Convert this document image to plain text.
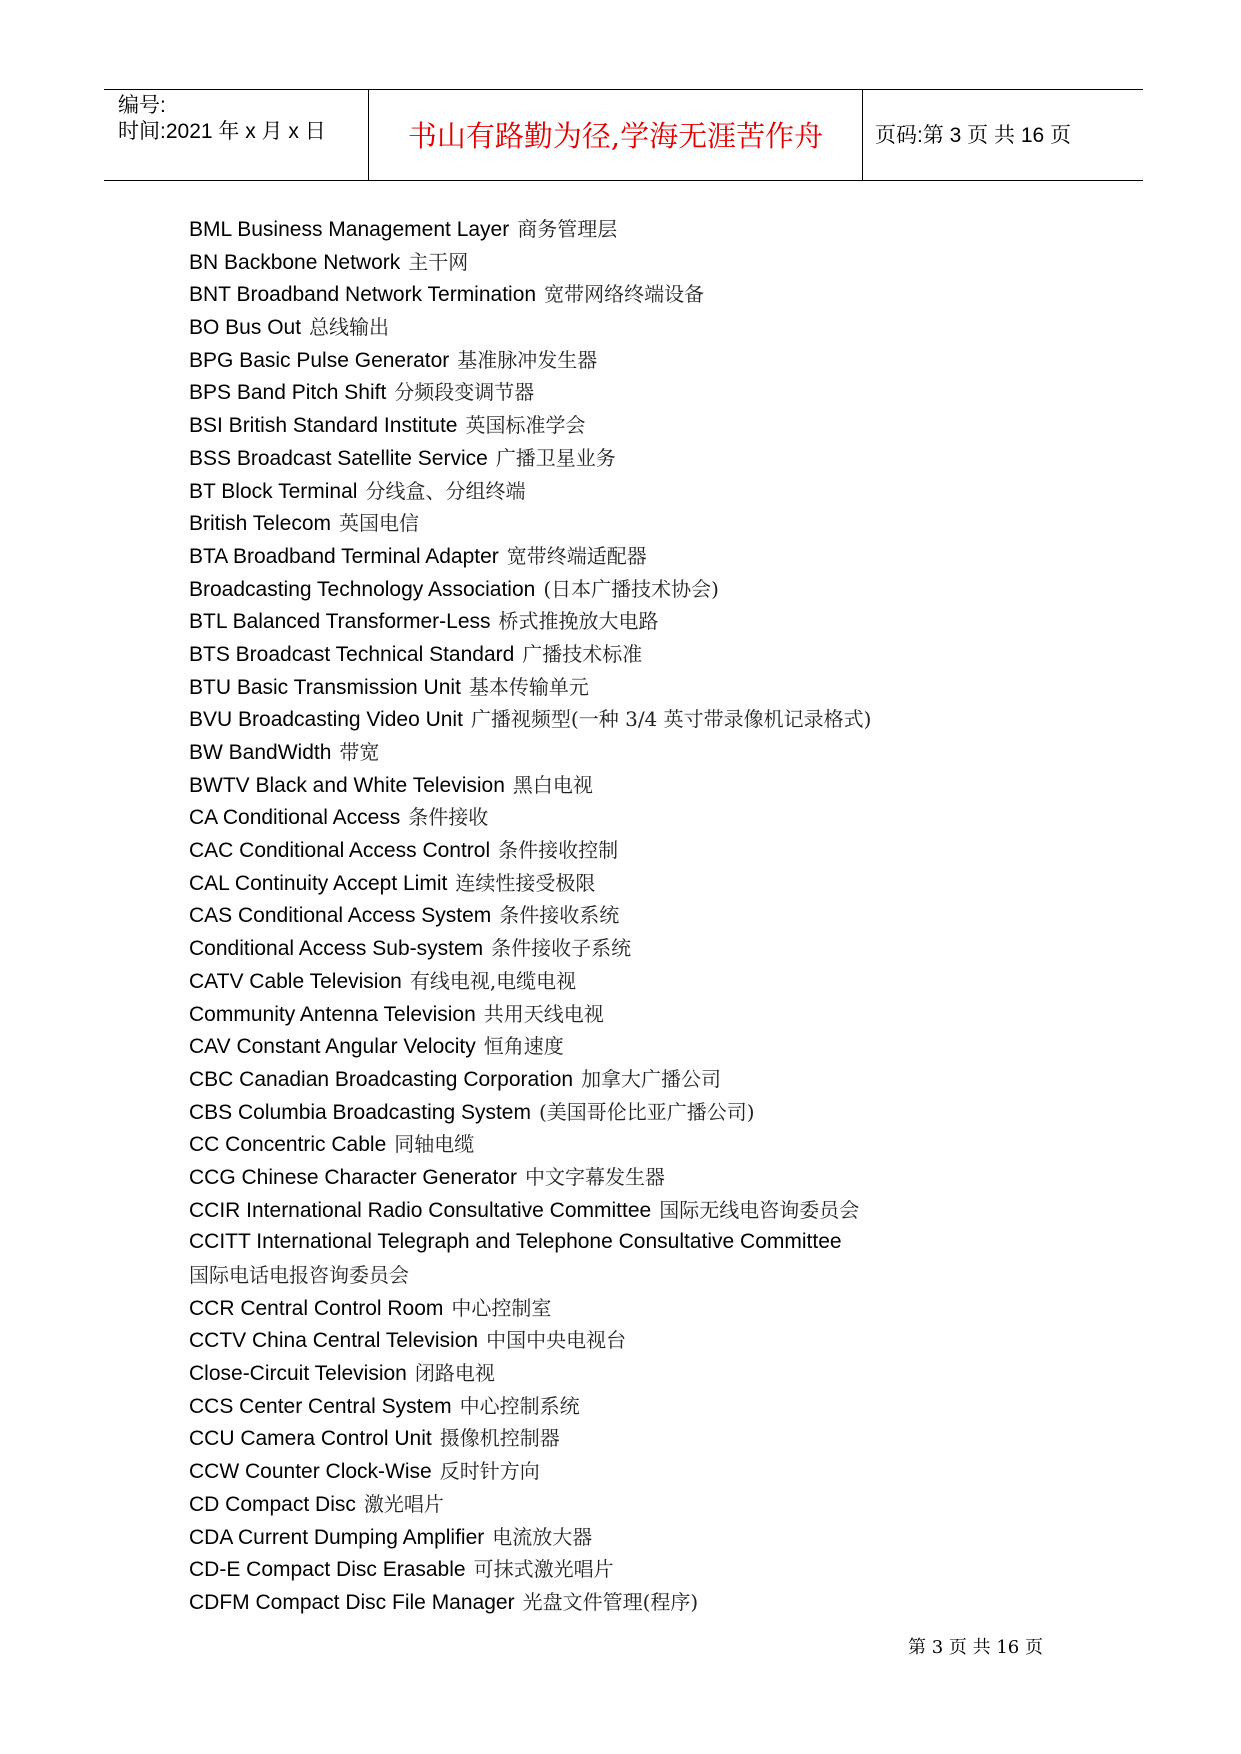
编号:
时间:2021 年 x 月 x 日	书山有路勤为径,学海无涯苦作舟	页码:第 3 页 共 16 页
BML Business Management Layer 商务管理层
BN Backbone Network 主干网
BNT Broadband Network Termination 宽带网络终端设备
BO Bus Out 总线输出
BPG Basic Pulse Generator 基准脉冲发生器
BPS Band Pitch Shift 分频段变调节器
BSI British Standard Institute 英国标准学会
BSS Broadcast Satellite Service 广播卫星业务
BT Block Terminal 分线盒、分组终端
British Telecom 英国电信
BTA Broadband Terminal Adapter 宽带终端适配器
Broadcasting Technology Association (日本广播技术协会)
BTL Balanced Transformer-Less 桥式推挽放大电路
BTS Broadcast Technical Standard 广播技术标准
BTU Basic Transmission Unit 基本传输单元
BVU Broadcasting Video Unit 广播视频型(一种 3/4 英寸带录像机记录格式)
BW BandWidth 带宽
BWTV Black and White Television 黑白电视
CA Conditional Access 条件接收
CAC Conditional Access Control 条件接收控制
CAL Continuity Accept Limit 连续性接受极限
CAS Conditional Access System 条件接收系统
Conditional Access Sub-system 条件接收子系统
CATV Cable Television 有线电视,电缆电视
Community Antenna Television 共用天线电视
CAV Constant Angular Velocity 恒角速度
CBC Canadian Broadcasting Corporation 加拿大广播公司
CBS Columbia Broadcasting System (美国哥伦比亚广播公司)
CC Concentric Cable 同轴电缆
CCG Chinese Character Generator 中文字幕发生器
CCIR International Radio Consultative Committee 国际无线电咨询委员会
CCITT International Telegraph and Telephone Consultative Committee
国际电话电报咨询委员会
CCR Central Control Room 中心控制室
CCTV China Central Television 中国中央电视台
Close-Circuit Television 闭路电视
CCS Center Central System 中心控制系统
CCU Camera Control Unit 摄像机控制器
CCW Counter Clock-Wise 反时针方向
CD Compact Disc 激光唱片
CDA Current Dumping Amplifier 电流放大器
CD-E Compact Disc Erasable 可抹式激光唱片
CDFM Compact Disc File Manager 光盘文件管理(程序)
第 3 页 共 16 页
